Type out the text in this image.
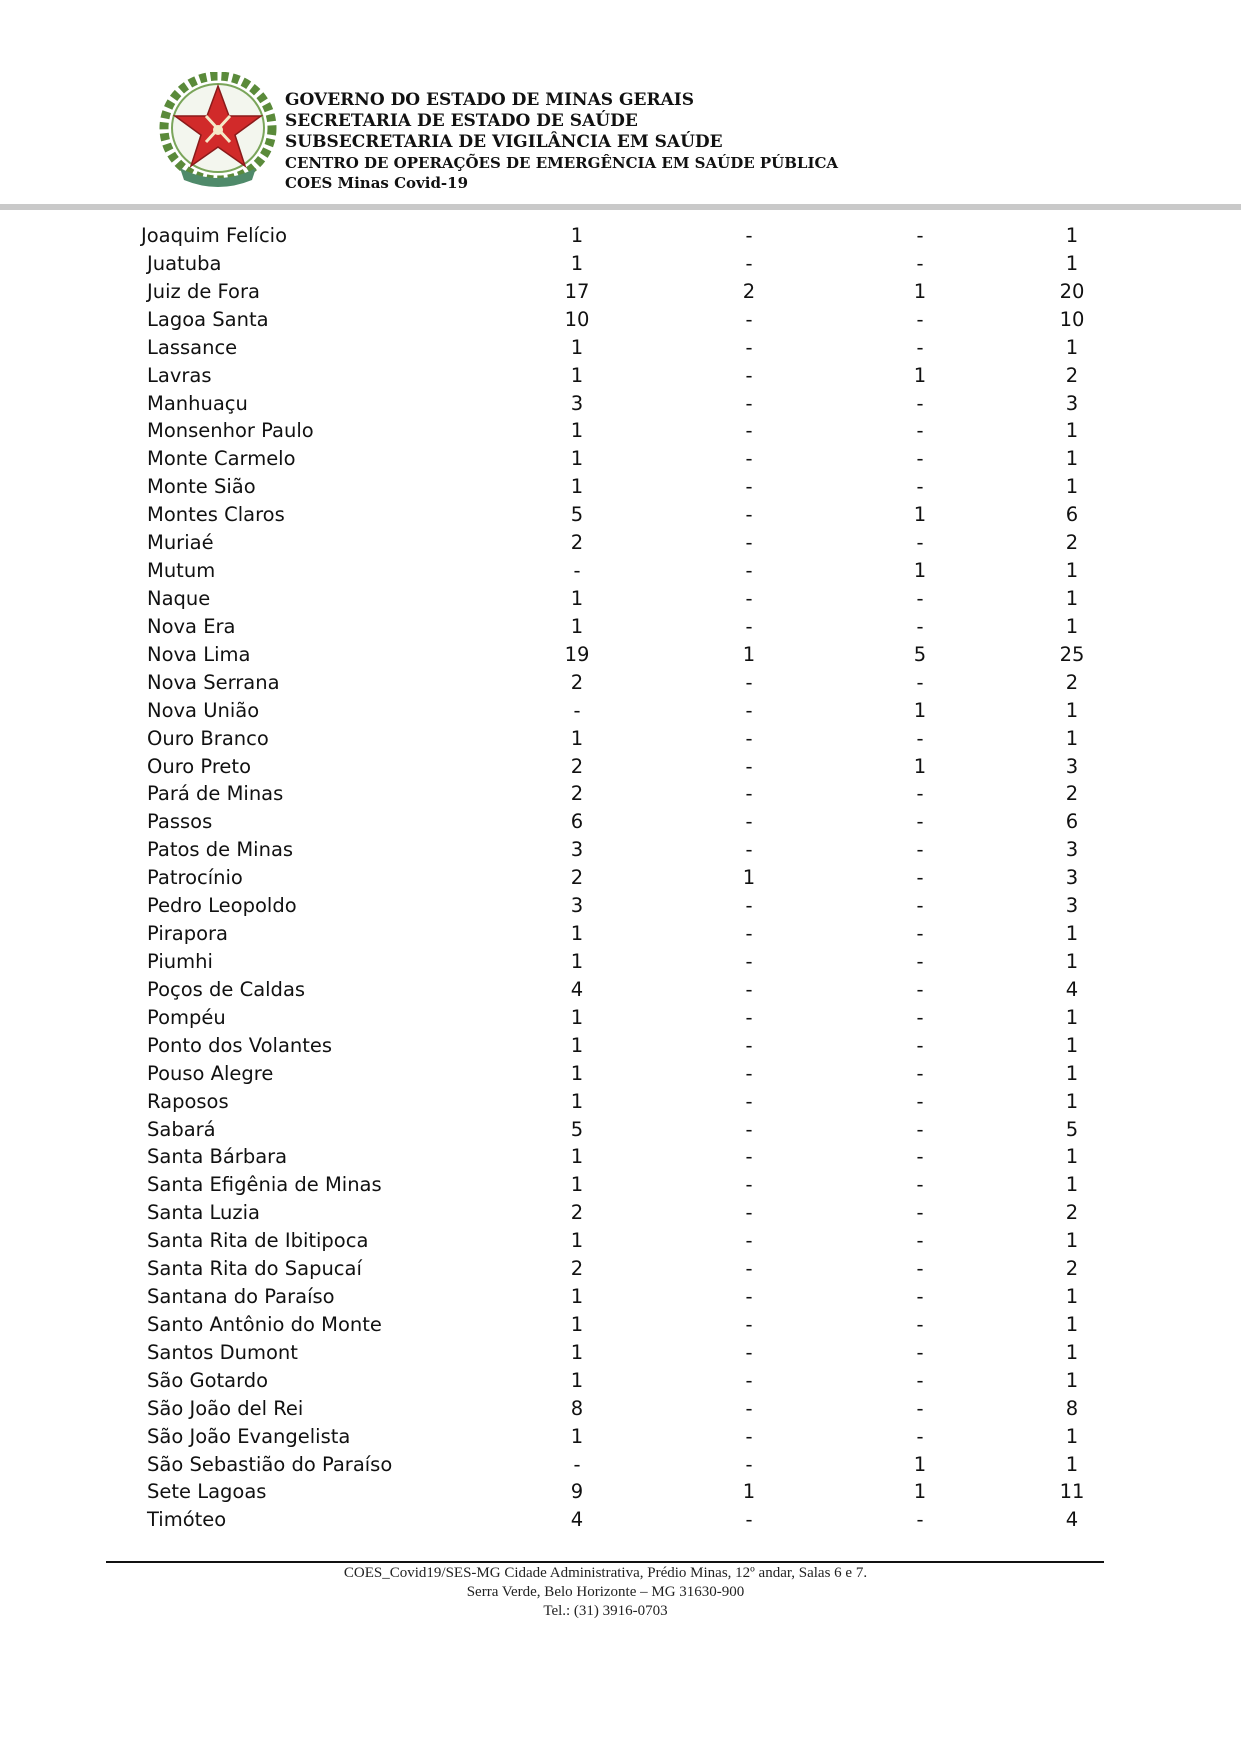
GOVERNO DO ESTADO DE MINAS GERAIS
SECRETARIA DE ESTADO DE SAÚDE
SUBSECRETARIA DE VIGILÂNCIA EM SAÚDE
CENTRO DE OPERAÇÕES DE EMERGÊNCIA EM SAÚDE PÚBLICA
COES Minas Covid-19
Joaquim Felício	1	-	-	1
Juatuba	1	-	-	1
Juiz de Fora	17	2	1	20
Lagoa Santa	10	-	-	10
Lassance	1	-	-	1
Lavras	1	-	1	2
Manhuaçu	3	-	-	3
Monsenhor Paulo	1	-	-	1
Monte Carmelo	1	-	-	1
Monte Sião	1	-	-	1
Montes Claros	5	-	1	6
Muriaé	2	-	-	2
Mutum	-	-	1	1
Naque	1	-	-	1
Nova Era	1	-	-	1
Nova Lima	19	1	5	25
Nova Serrana	2	-	-	2
Nova União	-	-	1	1
Ouro Branco	1	-	-	1
Ouro Preto	2	-	1	3
Pará de Minas	2	-	-	2
Passos	6	-	-	6
Patos de Minas	3	-	-	3
Patrocínio	2	1	-	3
Pedro Leopoldo	3	-	-	3
Pirapora	1	-	-	1
Piumhi	1	-	-	1
Poços de Caldas	4	-	-	4
Pompéu	1	-	-	1
Ponto dos Volantes	1	-	-	1
Pouso Alegre	1	-	-	1
Raposos	1	-	-	1
Sabará	5	-	-	5
Santa Bárbara	1	-	-	1
Santa Efigênia de Minas	1	-	-	1
Santa Luzia	2	-	-	2
Santa Rita de Ibitipoca	1	-	-	1
Santa Rita do Sapucaí	2	-	-	2
Santana do Paraíso	1	-	-	1
Santo Antônio do Monte	1	-	-	1
Santos Dumont	1	-	-	1
São Gotardo	1	-	-	1
São João del Rei	8	-	-	8
São João Evangelista	1	-	-	1
São Sebastião do Paraíso	-	-	1	1
Sete Lagoas	9	1	1	11
Timóteo	4	-	-	4
COES_Covid19/SES-MG Cidade Administrativa, Prédio Minas, 12º andar, Salas 6 e 7.
Serra Verde, Belo Horizonte – MG 31630-900
Tel.: (31) 3916-0703
